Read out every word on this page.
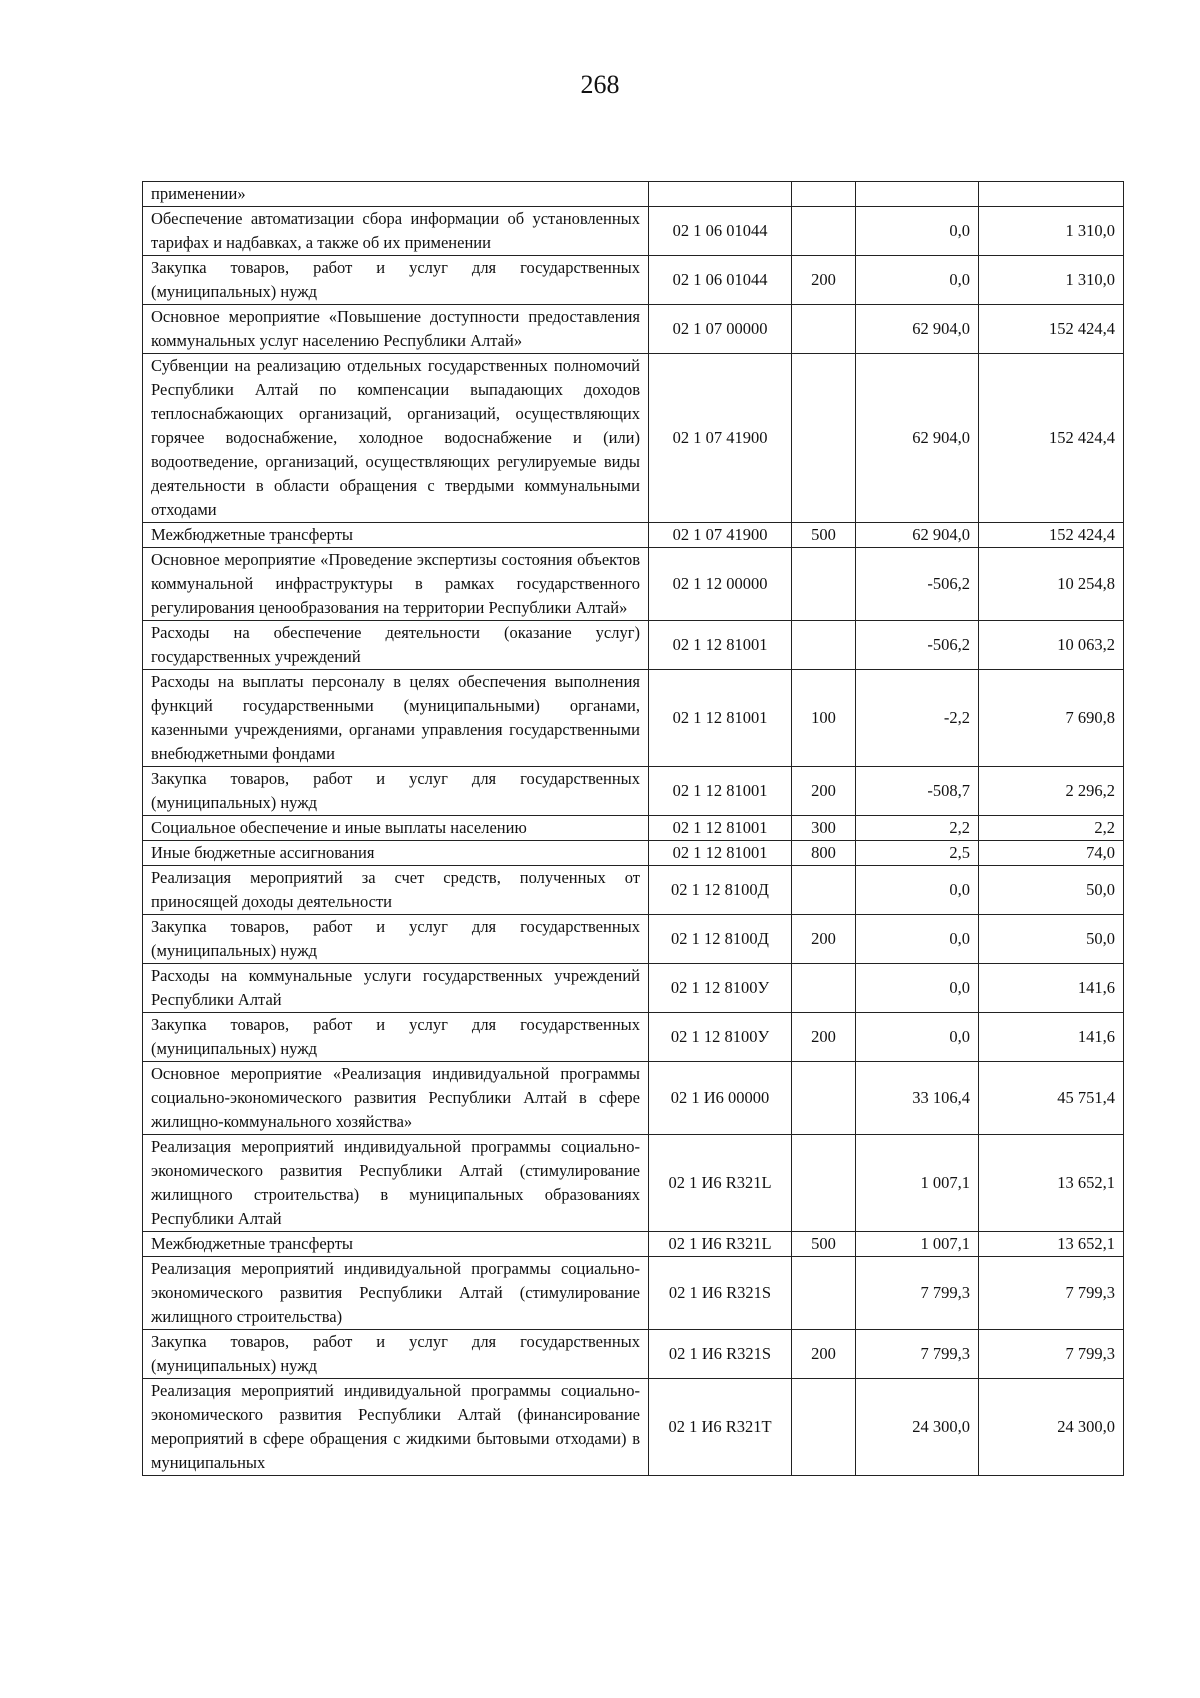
268
применении»				
Обеспечение автоматизации сбора информации об установленных тарифах и надбавках, а также об их применении	02 1 06 01044		0,0	1 310,0
Закупка товаров, работ и услуг для государственных (муниципальных) нужд	02 1 06 01044	200	0,0	1 310,0
Основное мероприятие «Повышение доступности предоставления коммунальных услуг населению Республики Алтай»	02 1 07 00000		62 904,0	152 424,4
Субвенции на реализацию отдельных государственных полномочий Республики Алтай по компенсации выпадающих доходов теплоснабжающих организаций, организаций, осуществляющих горячее водоснабжение, холодное водоснабжение и (или) водоотведение, организаций, осуществляющих регулируемые виды деятельности в области обращения с твердыми коммунальными отходами	02 1 07 41900		62 904,0	152 424,4
Межбюджетные трансферты	02 1 07 41900	500	62 904,0	152 424,4
Основное мероприятие «Проведение экспертизы состояния объектов коммунальной инфраструктуры в рамках государственного регулирования ценообразования на территории Республики Алтай»	02 1 12 00000		-506,2	10 254,8
Расходы на обеспечение деятельности (оказание услуг) государственных учреждений	02 1 12 81001		-506,2	10 063,2
Расходы на выплаты персоналу в целях обеспечения выполнения функций государственными (муниципальными) органами, казенными учреждениями, органами управления государственными внебюджетными фондами	02 1 12 81001	100	-2,2	7 690,8
Закупка товаров, работ и услуг для государственных (муниципальных) нужд	02 1 12 81001	200	-508,7	2 296,2
Социальное обеспечение и иные выплаты населению	02 1 12 81001	300	2,2	2,2
Иные бюджетные ассигнования	02 1 12 81001	800	2,5	74,0
Реализация мероприятий за счет средств, полученных от приносящей доходы деятельности	02 1 12 8100Д		0,0	50,0
Закупка товаров, работ и услуг для государственных (муниципальных) нужд	02 1 12 8100Д	200	0,0	50,0
Расходы на коммунальные услуги государственных учреждений Республики Алтай	02 1 12 8100У		0,0	141,6
Закупка товаров, работ и услуг для государственных (муниципальных) нужд	02 1 12 8100У	200	0,0	141,6
Основное мероприятие «Реализация индивидуальной программы социально-экономического развития Республики Алтай в сфере жилищно-коммунального хозяйства»	02 1 И6 00000		33 106,4	45 751,4
Реализация мероприятий индивидуальной программы социально-экономического развития Республики Алтай (стимулирование жилищного строительства) в муниципальных образованиях Республики Алтай	02 1 И6 R321L		1 007,1	13 652,1
Межбюджетные трансферты	02 1 И6 R321L	500	1 007,1	13 652,1
Реализация мероприятий индивидуальной программы социально-экономического развития Республики Алтай (стимулирование жилищного строительства)	02 1 И6 R321S		7 799,3	7 799,3
Закупка товаров, работ и услуг для государственных (муниципальных) нужд	02 1 И6 R321S	200	7 799,3	7 799,3
Реализация мероприятий индивидуальной программы социально-экономического развития Республики Алтай (финансирование мероприятий в сфере обращения с жидкими бытовыми отходами) в муниципальных	02 1 И6 R321T		24 300,0	24 300,0
